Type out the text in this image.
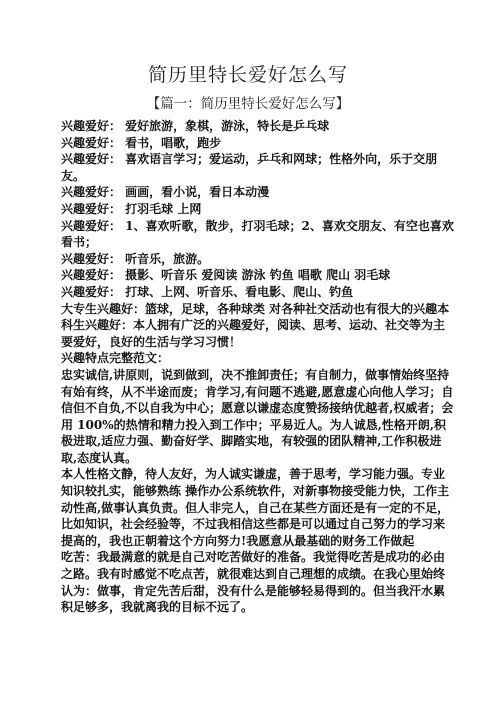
简历里特长爱好怎么写
【篇一：简历里特长爱好怎么写】

兴趣爱好： 爱好旅游，象棋，游泳，特长是乒乓球

兴趣爱好： 看书，唱歌，跑步

兴趣爱好： 喜欢语言学习；爱运动，乒乓和网球；性格外向，乐于交朋友。

兴趣爱好： 画画，看小说，看日本动漫

兴趣爱好： 打羽毛球 上网

兴趣爱好： 1、喜欢听歌，散步，打羽毛球；2、喜欢交朋友、有空也喜欢看书；

兴趣爱好： 听音乐，旅游。

兴趣爱好： 摄影、听音乐 爱阅读 游泳 钓鱼 唱歌 爬山 羽毛球

兴趣爱好： 打球、上网、听音乐、看电影、爬山、钓鱼

大专生兴趣好：篮球，足球，各种球类 对各种社交活动也有很大的兴趣本科生兴趣好：本人拥有广泛的兴趣爱好，阅读、思考、运动、社交等为主要爱好，良好的生活与学习习惯！

兴趣特点完整范文：

忠实诚信,讲原则，说到做到，决不推卸责任；有自制力，做事情始终坚持有始有终，从不半途而废；肯学习,有问题不逃避,愿意虚心向他人学习；自信但不自负,不以自我为中心；愿意以谦虚态度赞扬接纳优越者,权威者；会用 100%的热情和精力投入到工作中；平易近人。为人诚恳,性格开朗,积极进取,适应力强、勤奋好学、脚踏实地，有较强的团队精神,工作积极进取,态度认真。

本人性格文静，待人友好，为人诚实谦虚，善于思考，学习能力强。专业知识较扎实，能够熟练 操作办公系统软件，对新事物接受能力快，工作主动性高,做事认真负责。但人非完人，自己在某些方面还是有一定的不足，比如知识，社会经验等，不过我相信这些都是可以通过自己努力的学习来提高的，我也正朝着这个方向努力!我愿意从最基础的财务工作做起

吃苦：我最满意的就是自己对吃苦做好的准备。我觉得吃苦是成功的必由之路。我有时感觉不吃点苦，就很难达到自己理想的成绩。在我心里始终认为：做事，肯定先苦后甜，没有什么是能够轻易得到的。但当我汗水累积足够多，我就离我的目标不远了。
